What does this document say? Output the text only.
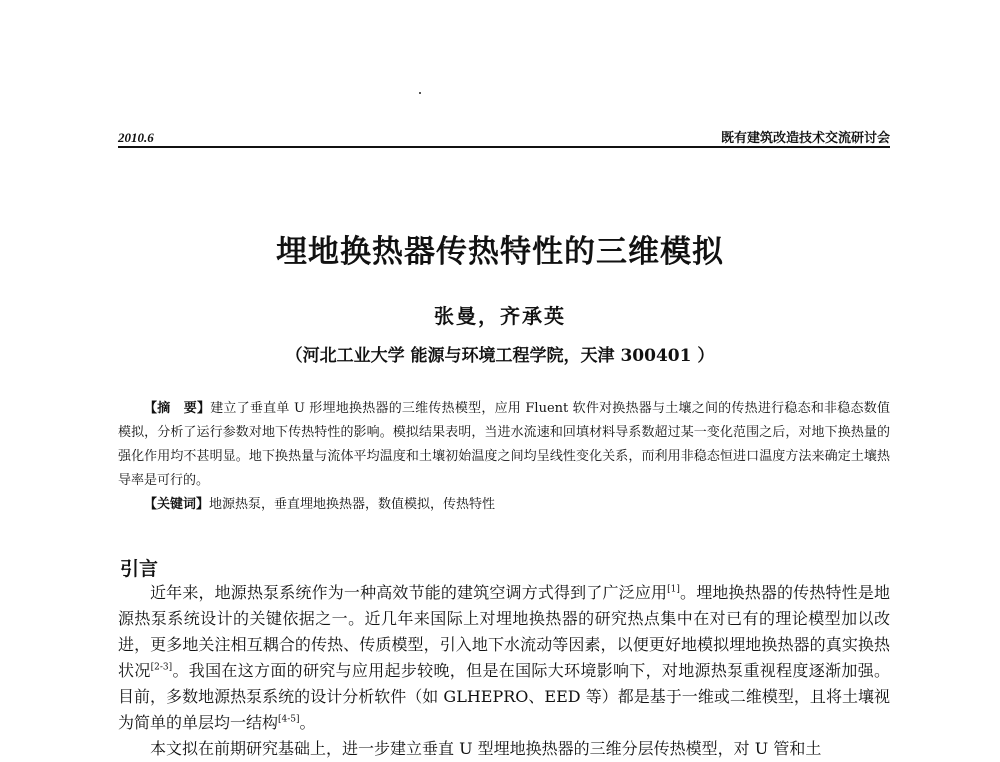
2010.6	既有建筑改造技术交流研讨会
埋地换热器传热特性的三维模拟
张曼，齐承英
（河北工业大学 能源与环境工程学院，天津 300401 ）

【摘　要】建立了垂直单 U 形埋地换热器的三维传热模型，应用 Fluent 软件对换热器与土壤之间的传热进行稳态和非稳态数值模拟，分析了运行参数对地下传热特性的影响。模拟结果表明，当进水流速和回填材料导系数超过某一变化范围之后，对地下换热量的强化作用均不甚明显。地下换热量与流体平均温度和土壤初始温度之间均呈线性变化关系，而利用非稳态恒进口温度方法来确定土壤热导率是可行的。

【关键词】地源热泵，垂直埋地换热器，数值模拟，传热特性

引言

近年来，地源热泵系统作为一种高效节能的建筑空调方式得到了广泛应用[1]。埋地换热器的传热特性是地源热泵系统设计的关键依据之一。近几年来国际上对埋地换热器的研究热点集中在对已有的理论模型加以改进，更多地关注相互耦合的传热、传质模型，引入地下水流动等因素，以便更好地模拟埋地换热器的真实换热状况[2-3]。我国在这方面的研究与应用起步较晚，但是在国际大环境影响下，对地源热泵重视程度逐渐加强。目前，多数地源热泵系统的设计分析软件（如 GLHEPRO、EED 等）都是基于一维或二维模型，且将土壤视为简单的单层均一结构[4-5]。

本文拟在前期研究基础上，进一步建立垂直 U 型埋地换热器的三维分层传热模型，对 U 管和土
